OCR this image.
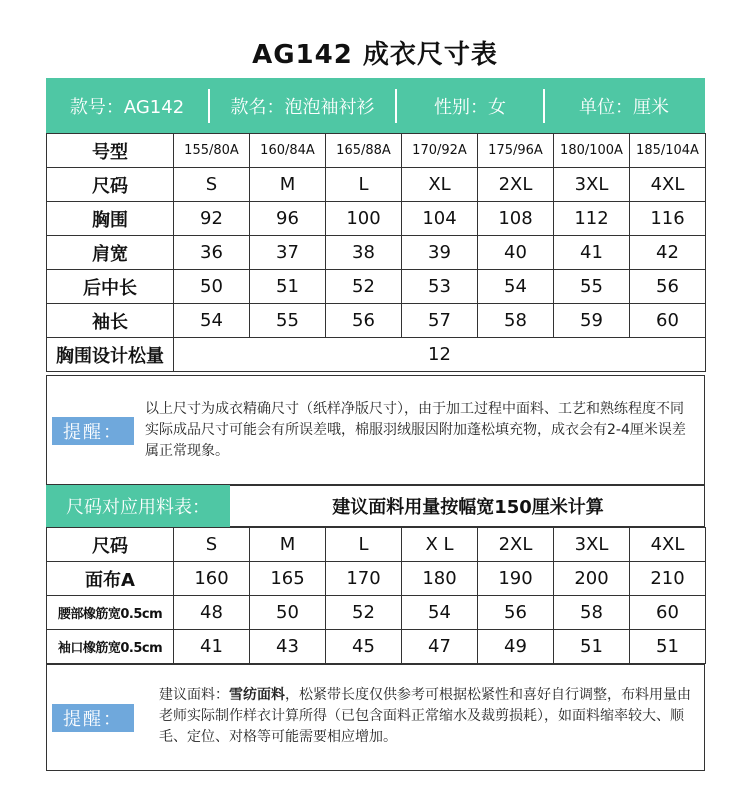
AG142 成衣尺寸表
款号：AG142	款名：泡泡袖衬衫	性别：女	单位：厘米
号型	155/80A	160/84A	165/88A	170/92A	175/96A	180/100A	185/104A
尺码	S	M	L	XL	2XL	3XL	4XL
胸围	92	96	100	104	108	112	116
肩宽	36	37	38	39	40	41	42
后中长	50	51	52	53	54	55	56
袖长	54	55	56	57	58	59	60
胸围设计松量	12						
提醒：
以上尺寸为成衣精确尺寸（纸样净版尺寸），由于加工过程中面料、工艺和熟练程度不同实际成品尺寸可能会有所误差哦，棉服羽绒服因附加蓬松填充物，成衣会有2-4厘米误差属正常现象。
尺码对应用料表：	建议面料用量按幅宽150厘米计算
尺码	S	M	L	X L	2XL	3XL	4XL
面布A	160	165	170	180	190	200	210
腰部橡筋宽0.5cm	48	50	52	54	56	58	60
袖口橡筋宽0.5cm	41	43	45	47	49	51	51
提醒：
建议面料：雪纺面料，松紧带长度仅供参考可根据松紧性和喜好自行调整，布料用量由老师实际制作样衣计算所得（已包含面料正常缩水及裁剪损耗），如面料缩率较大、顺毛、定位、对格等可能需要相应增加。
